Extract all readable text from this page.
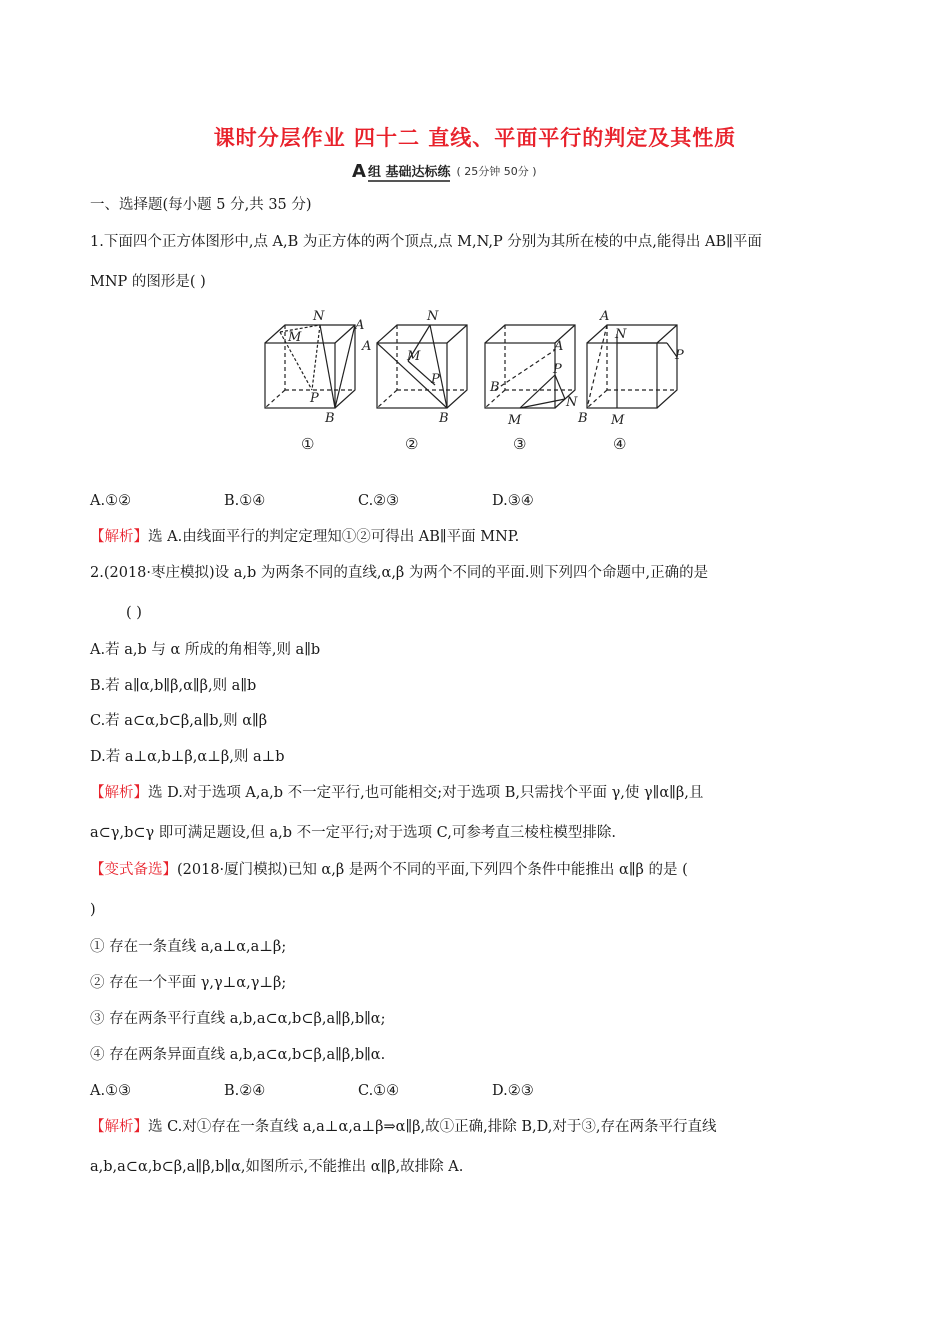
课时分层作业 四十二 直线、平面平行的判定及其性质
A 组 基础达标练 ( 25分钟 50分 )
一、选择题(每小题 5 分,共 35 分)
1.下面四个正方体图形中,点 A,B 为正方体的两个顶点,点 M,N,P 分别为其所在棱的中点,能得出 AB∥平面
MNP 的图形是( )
N
A
M
P
B
N
A
M
P
B
A
P
B
N
M
A
N
P
B M
①	②	③	④
A.①②	B.①④	C.②③	D.③④
【解析】选 A.由线面平行的判定定理知①②可得出 AB∥平面 MNP.
2.(2018·枣庄模拟)设 a,b 为两条不同的直线,α,β 为两个不同的平面.则下列四个命题中,正确的是
( )
A.若 a,b 与 α 所成的角相等,则 a∥b
B.若 a∥α,b∥β,α∥β,则 a∥b
C.若 a⊂α,b⊂β,a∥b,则 α∥β
D.若 a⊥α,b⊥β,α⊥β,则 a⊥b
【解析】选 D.对于选项 A,a,b 不一定平行,也可能相交;对于选项 B,只需找个平面 γ,使 γ∥α∥β,且
a⊂γ,b⊂γ 即可满足题设,但 a,b 不一定平行;对于选项 C,可参考直三棱柱模型排除.
【变式备选】(2018·厦门模拟)已知 α,β 是两个不同的平面,下列四个条件中能推出 α∥β 的是 (
)
① 存在一条直线 a,a⊥α,a⊥β;
② 存在一个平面 γ,γ⊥α,γ⊥β;
③ 存在两条平行直线 a,b,a⊂α,b⊂β,a∥β,b∥α;
④ 存在两条异面直线 a,b,a⊂α,b⊂β,a∥β,b∥α.
A.①③	B.②④	C.①④	D.②③
【解析】选 C.对①存在一条直线 a,a⊥α,a⊥β⇒α∥β,故①正确,排除 B,D,对于③,存在两条平行直线
a,b,a⊂α,b⊂β,a∥β,b∥α,如图所示,不能推出 α∥β,故排除 A.
